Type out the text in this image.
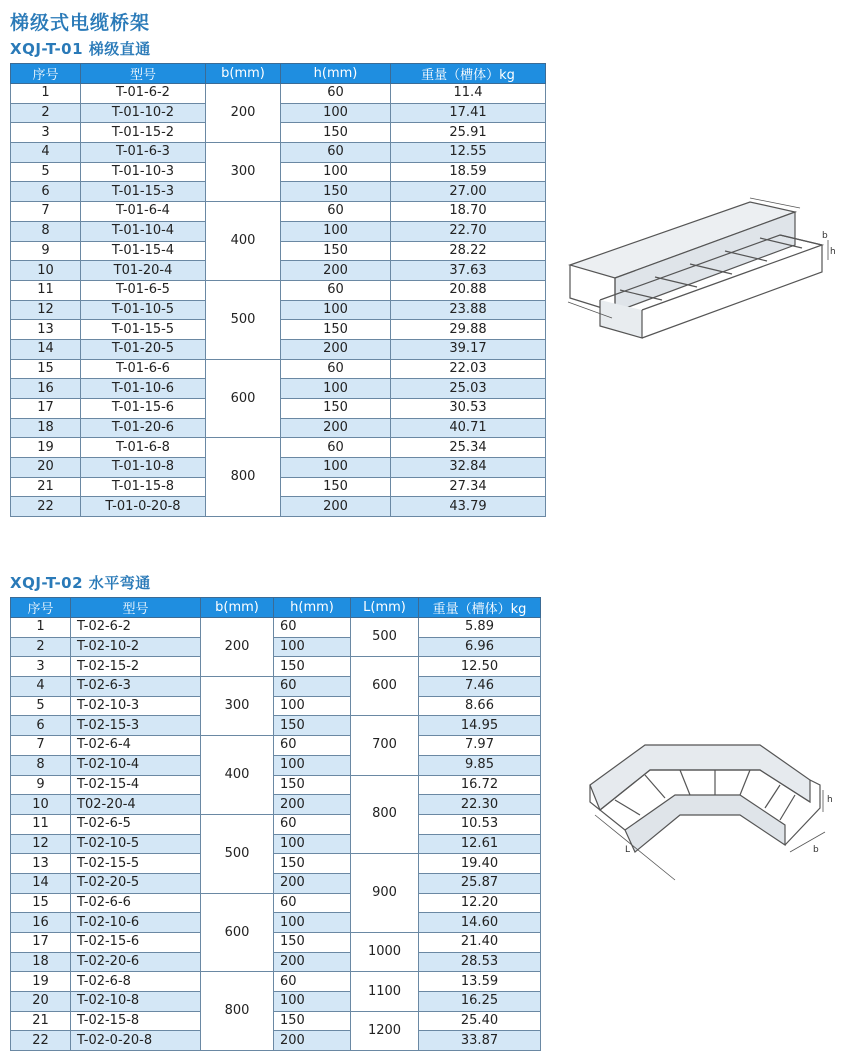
梯级式电缆桥架
XQJ-T-01 梯级直通
序号	型号	b(mm)	h(mm)	重量（槽体）kg
1	T-01-6-2	200	60	11.4
2	T-01-10-2		100	17.41
3	T-01-15-2		150	25.91
4	T-01-6-3	300	60	12.55
5	T-01-10-3		100	18.59
6	T-01-15-3		150	27.00
7	T-01-6-4	400	60	18.70
8	T-01-10-4		100	22.70
9	T-01-15-4		150	28.22
10	T01-20-4		200	37.63
11	T-01-6-5	500	60	20.88
12	T-01-10-5		100	23.88
13	T-01-15-5		150	29.88
14	T-01-20-5		200	39.17
15	T-01-6-6	600	60	22.03
16	T-01-10-6		100	25.03
17	T-01-15-6		150	30.53
18	T-01-20-6		200	40.71
19	T-01-6-8	800	60	25.34
20	T-01-10-8		100	32.84
21	T-01-15-8		150	27.34
22	T-01-0-20-8		200	43.79
b
h
XQJ-T-02 水平弯通
序号	型号	b(mm)	h(mm)	L(mm)	重量（槽体）kg
1	T-02-6-2	200	60	500	5.89
2	T-02-10-2		100		6.96
3	T-02-15-2		150	600	12.50
4	T-02-6-3	300	60		7.46
5	T-02-10-3		100		8.66
6	T-02-15-3		150	700	14.95
7	T-02-6-4	400	60		7.97
8	T-02-10-4		100		9.85
9	T-02-15-4		150	800	16.72
10	T02-20-4		200		22.30
11	T-02-6-5	500	60		10.53
12	T-02-10-5		100		12.61
13	T-02-15-5		150	900	19.40
14	T-02-20-5		200		25.87
15	T-02-6-6	600	60		12.20
16	T-02-10-6		100		14.60
17	T-02-15-6		150	1000	21.40
18	T-02-20-6		200		28.53
19	T-02-6-8	800	60	1100	13.59
20	T-02-10-8		100		16.25
21	T-02-15-8		150	1200	25.40
22	T-02-0-20-8		200		33.87
h
b
L
